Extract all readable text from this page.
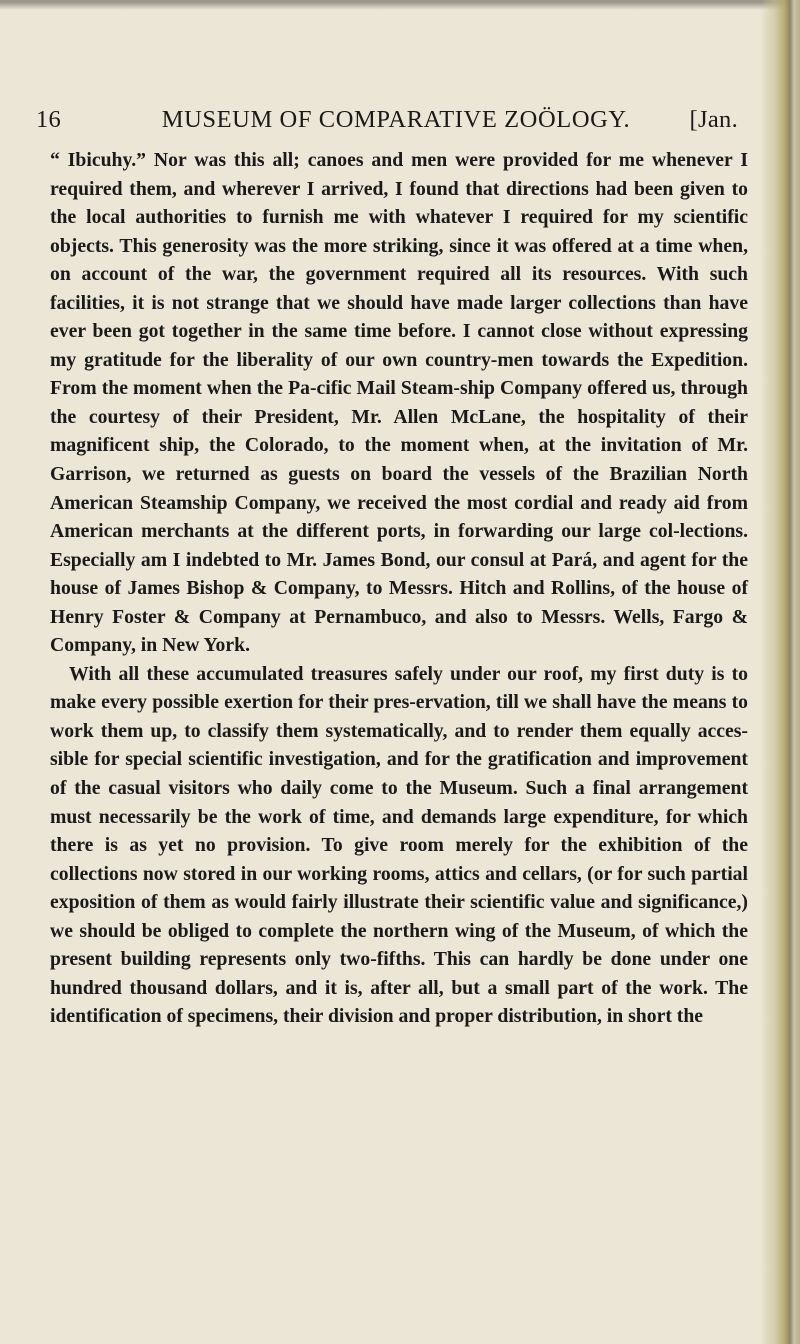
16	MUSEUM OF COMPARATIVE ZOÖLOGY.	[Jan.

“ Ibicuhy.” Nor was this all; canoes and men were provided for me whenever I required them, and wherever I arrived, I found that directions had been given to the local authorities to furnish me with whatever I required for my scientific objects. This generosity was the more striking, since it was offered at a time when, on account of the war, the government required all its resources. With such facilities, it is not strange that we should have made larger collections than have ever been got together in the same time before. I cannot close without expressing my gratitude for the liberality of our own country-men towards the Expedition. From the moment when the Pa-cific Mail Steam-ship Company offered us, through the courtesy of their President, Mr. Allen McLane, the hospitality of their magnificent ship, the Colorado, to the moment when, at the invitation of Mr. Garrison, we returned as guests on board the vessels of the Brazilian North American Steamship Company, we received the most cordial and ready aid from American merchants at the different ports, in forwarding our large col-lections. Especially am I indebted to Mr. James Bond, our consul at Pará, and agent for the house of James Bishop & Company, to Messrs. Hitch and Rollins, of the house of Henry Foster & Company at Pernambuco, and also to Messrs. Wells, Fargo & Company, in New York.

With all these accumulated treasures safely under our roof, my first duty is to make every possible exertion for their pres-ervation, till we shall have the means to work them up, to classify them systematically, and to render them equally acces-sible for special scientific investigation, and for the gratification and improvement of the casual visitors who daily come to the Museum. Such a final arrangement must necessarily be the work of time, and demands large expenditure, for which there is as yet no provision. To give room merely for the exhibition of the collections now stored in our working rooms, attics and cellars, (or for such partial exposition of them as would fairly illustrate their scientific value and significance,) we should be obliged to complete the northern wing of the Museum, of which the present building represents only two-fifths. This can hardly be done under one hundred thousand dollars, and it is, after all, but a small part of the work. The identification of specimens, their division and proper distribution, in short the
